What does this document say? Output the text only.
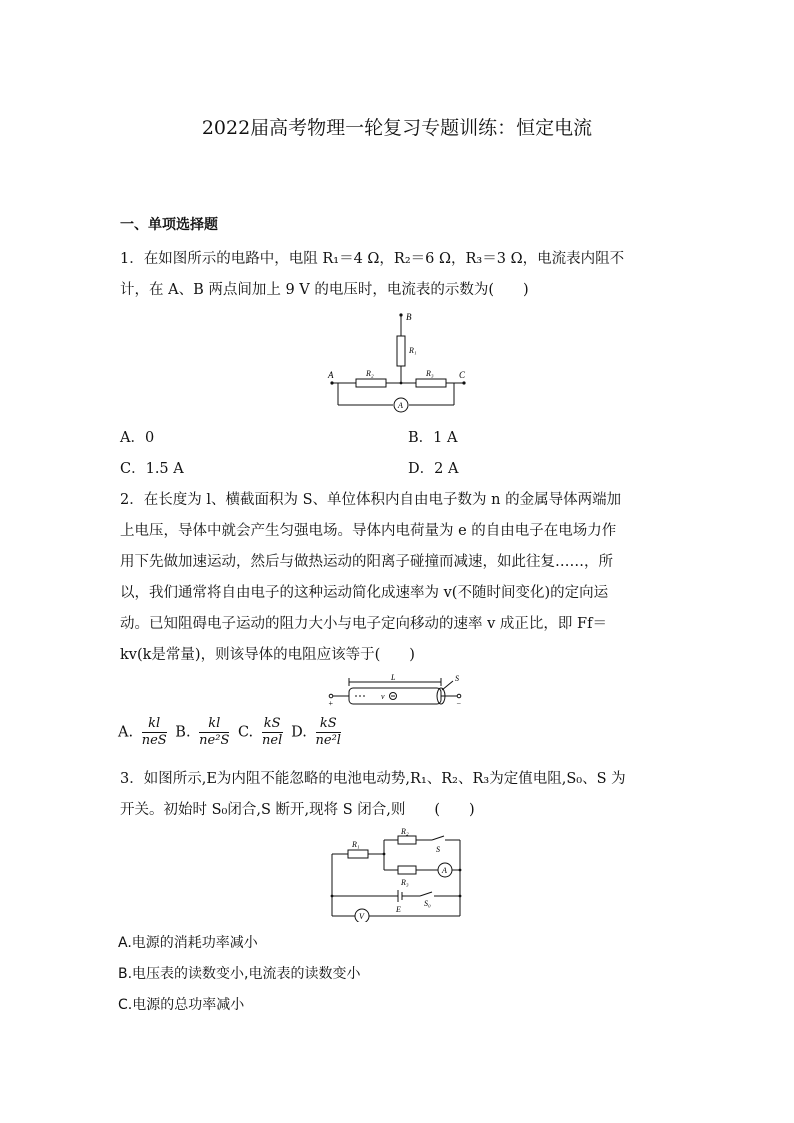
2022届高考物理一轮复习专题训练：恒定电流
一、单项选择题
1．在如图所示的电路中，电阻 R₁＝4 Ω，R₂＝6 Ω，R₃＝3 Ω，电流表内阻不
计，在 A、B 两点间加上 9 V 的电压时，电流表的示数为(　　)
B
R₁
A	R₂	R₃	C
A
A．0	B．1 A
C．1.5 A	D．2 A
2．在长度为 l、横截面积为 S、单位体积内自由电子数为 n 的金属导体两端加
上电压，导体中就会产生匀强电场。导体内电荷量为 e 的自由电子在电场力作
用下先做加速运动，然后与做热运动的阳离子碰撞而减速，如此往复……，所
以，我们通常将自由电子的这种运动简化成速率为 v(不随时间变化)的定向运
动。已知阻碍电子运动的阻力大小与电子定向移动的速率 v 成正比，即 Ff＝
kv(k是常量)，则该导体的电阻应该等于(　　)
L	S
v
+	−
A. $\frac{kl}{\text{neS}} B$. $\frac{kl}{\text{ne²S}} C$. $\frac{kS}{\text{nel}} D$. $\frac{kS}{\text{ne²l}}$
3．如图所示,E为内阻不能忽略的电池电动势,R₁、R₂、R₃为定值电阻,S₀、S 为
开关。初始时 S₀闭合,S 断开,现将 S 闭合,则　　(　　)
R₁
R₂
S
A
R₃
S₀
E
V
A.电源的消耗功率减小
B.电压表的读数变小,电流表的读数变小
C.电源的总功率减小
